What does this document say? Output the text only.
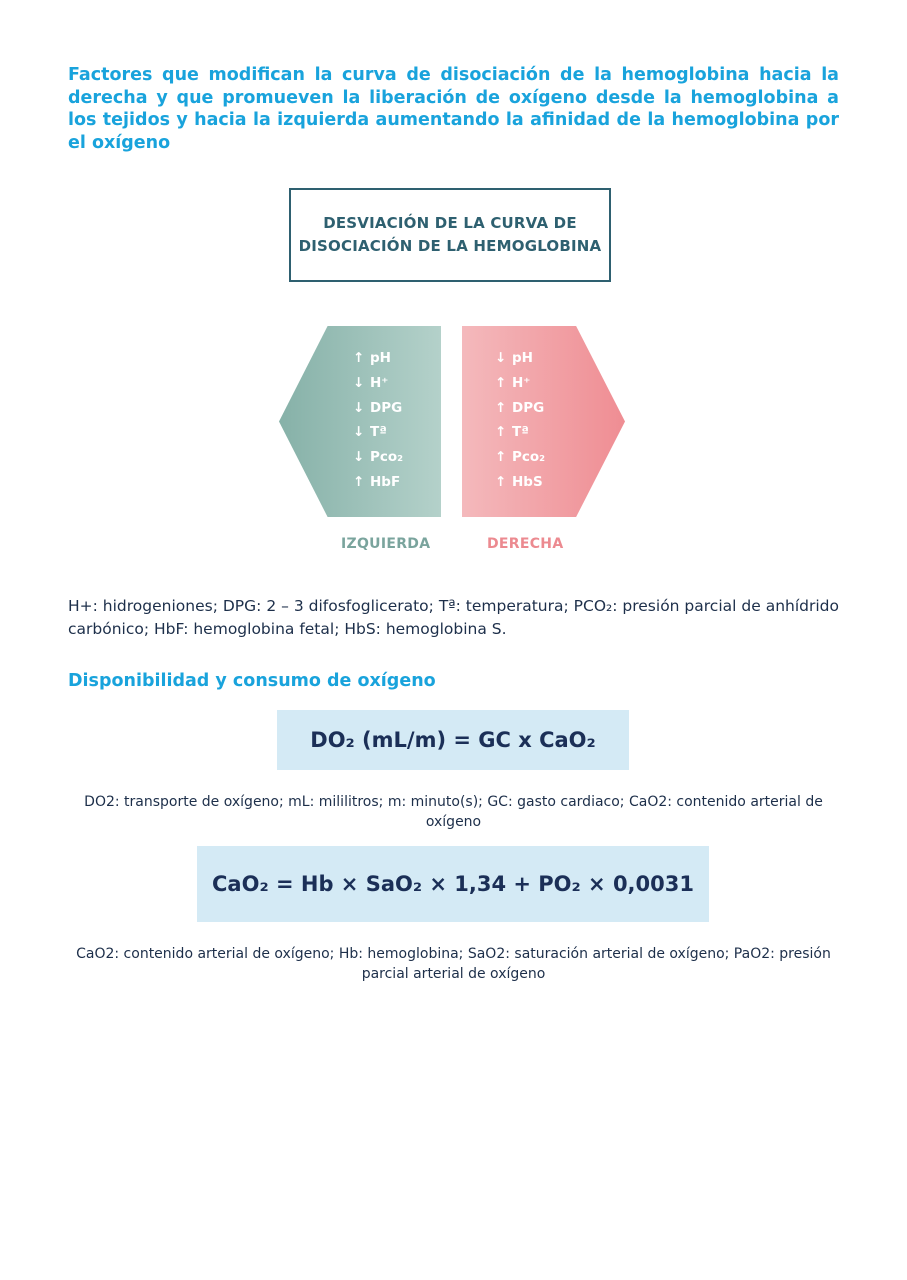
Factores que modifican la curva de disociación de la hemoglobina hacia la derecha y que promueven la liberación de oxígeno desde la hemoglobina a los tejidos y hacia la izquierda aumentando la afinidad de la hemoglobina por el oxígeno

DESVIACIÓN DE LA CURVA DE
DISOCIACIÓN DE LA HEMOGLOBINA
↑ pH
↓ H⁺
↓ DPG
↓ Tª
↓ Pco₂
↑ HbF
↓ pH
↑ H⁺
↑ DPG
↑ Tª
↑ Pco₂
↑ HbS
IZQUIERDA	DERECHA

H+: hidrogeniones; DPG: 2 – 3 difosfoglicerato; Tª: temperatura; PCO₂: presión parcial de anhídrido carbónico; HbF: hemoglobina fetal; HbS: hemoglobina S.

Disponibilidad y consumo de oxígeno
DO₂ (mL/m) = GC x CaO₂

DO2: transporte de oxígeno; mL: mililitros; m: minuto(s); GC: gasto cardiaco; CaO2: contenido arterial de oxígeno

CaO₂ = Hb × SaO₂ × 1,34 + PO₂ × 0,0031

CaO2: contenido arterial de oxígeno; Hb: hemoglobina; SaO2: saturación arterial de oxígeno; PaO2: presión parcial arterial de oxígeno
